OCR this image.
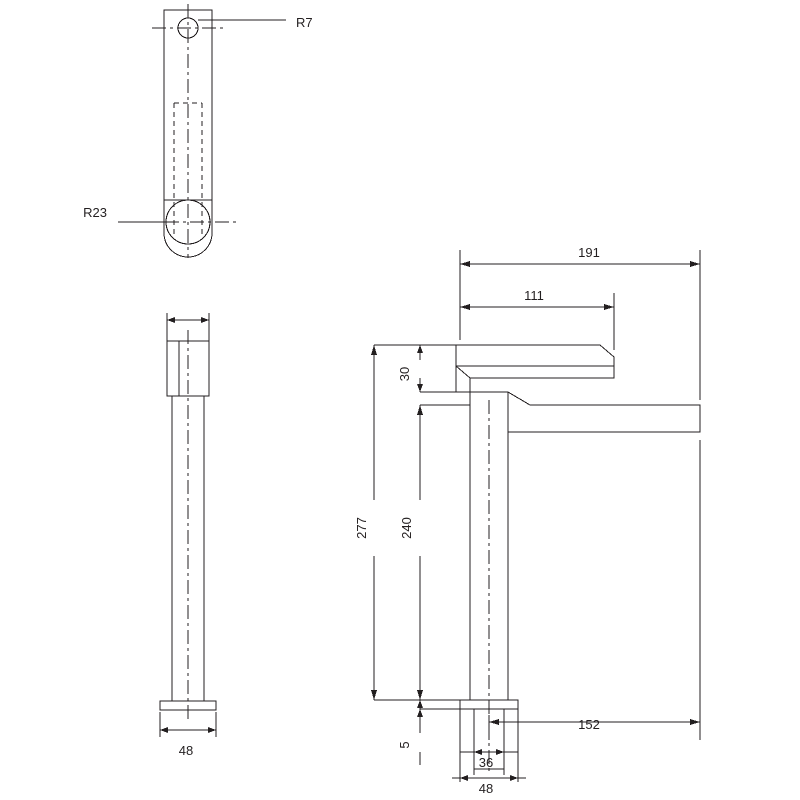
R7
R23
48
191
111
30
277 240
5
36
48
152
